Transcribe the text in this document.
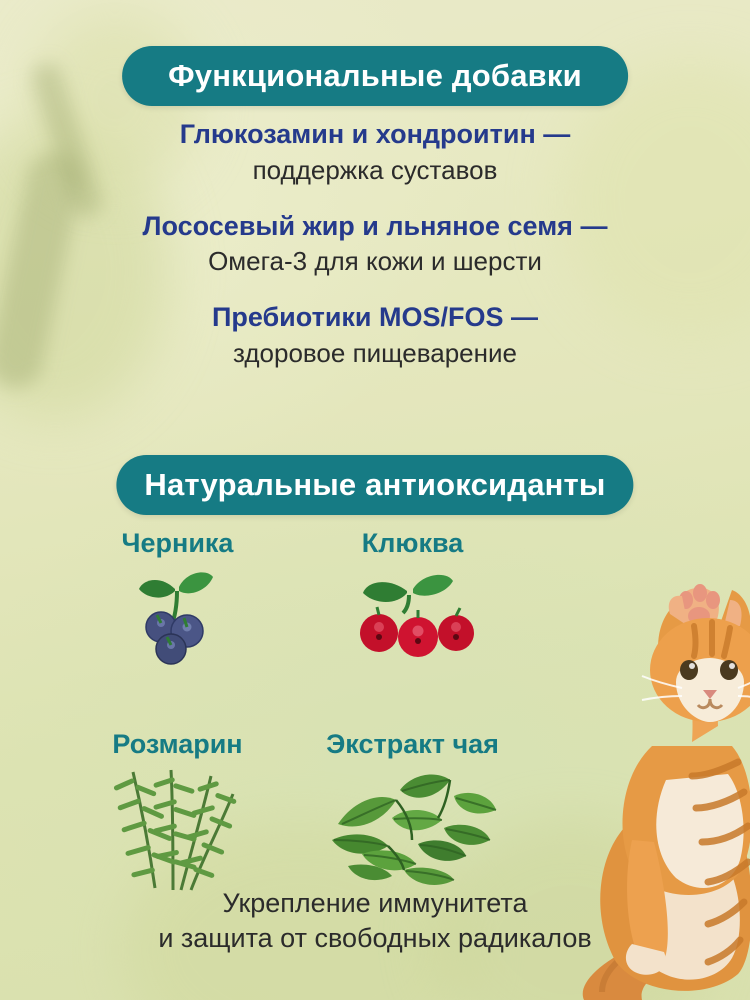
Функциональные добавки
Глюкозамин и хондроитин —
поддержка суставов
Лососевый жир и льняное семя —
Омега-3 для кожи и шерсти
Пребиотики MOS/FOS —
здоровое пищеварение
Натуральные антиоксиданты
Черника	Клюква
Розмарин	Экстракт чая
Укрепление иммунитета
и защита от свободных радикалов
